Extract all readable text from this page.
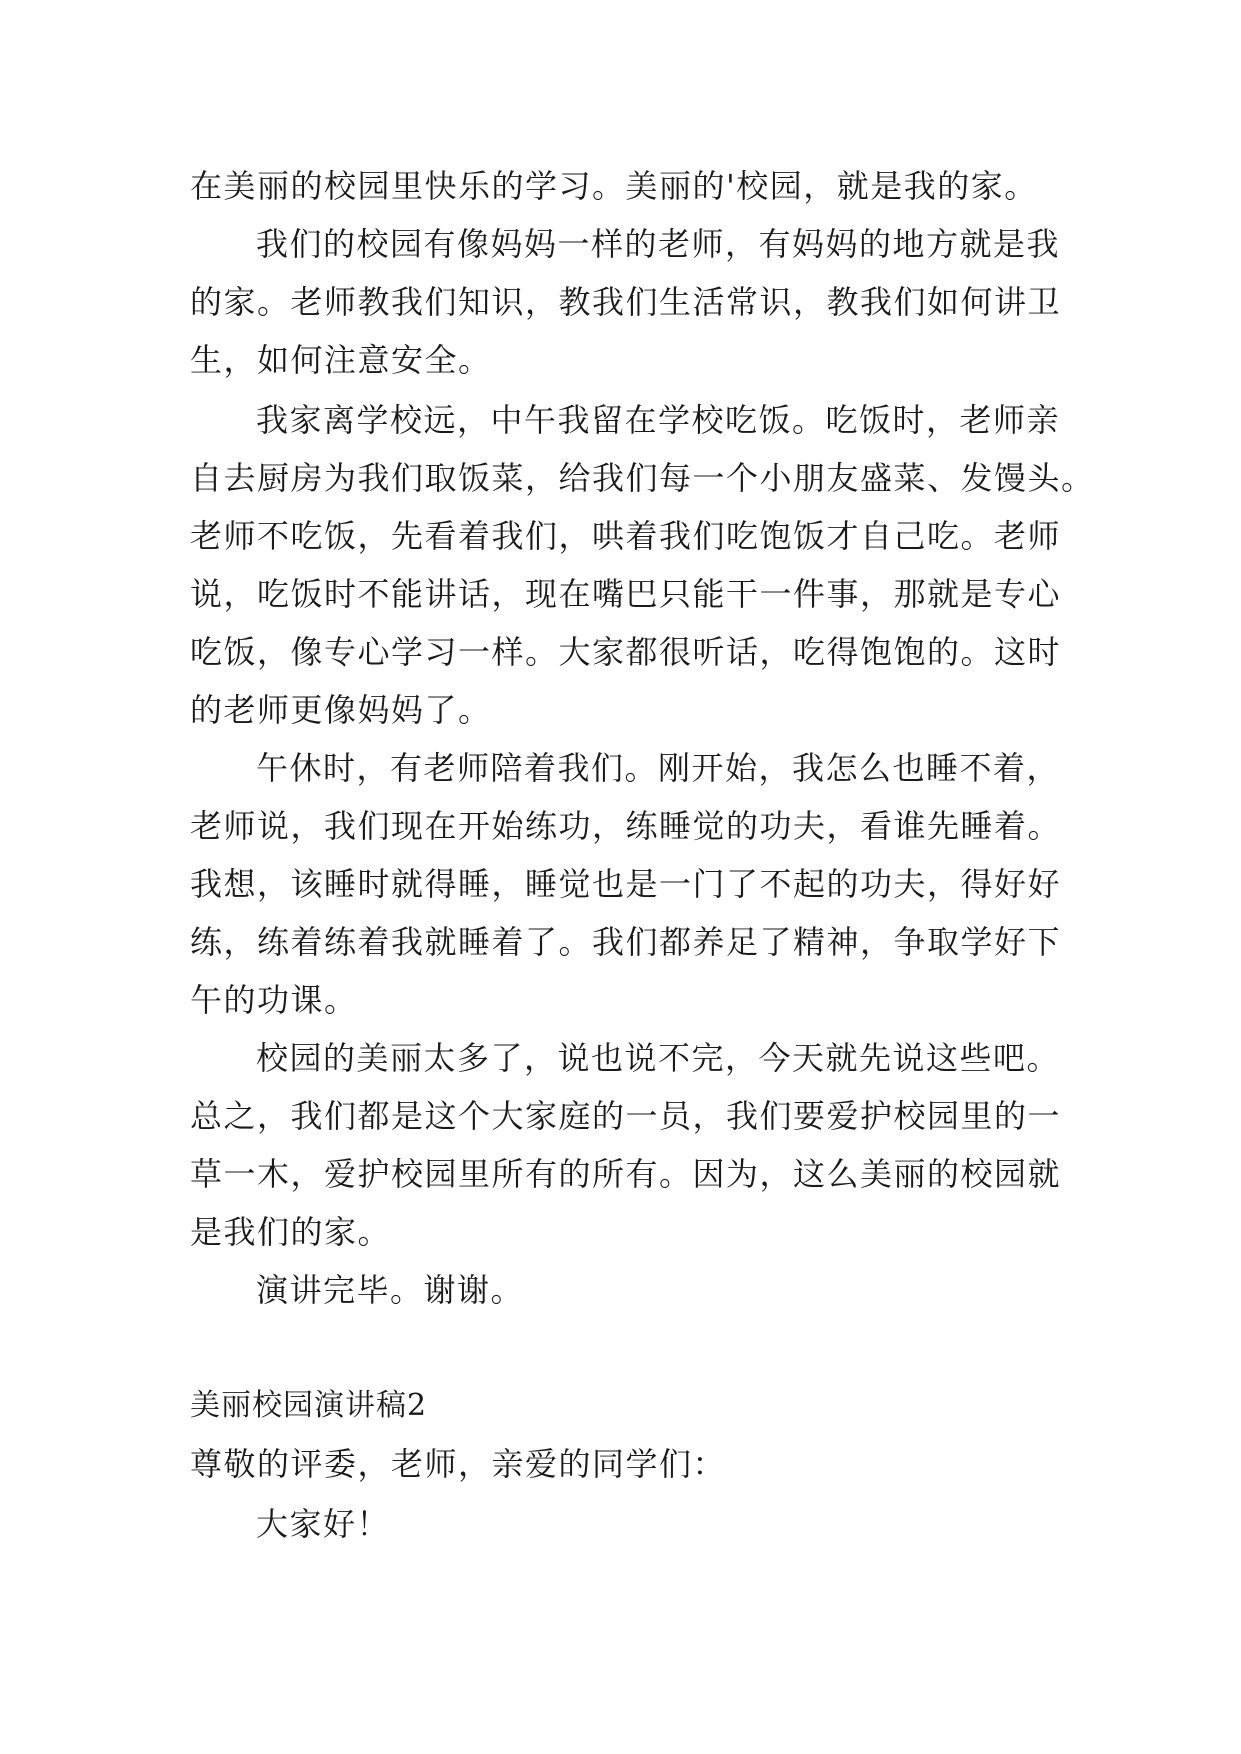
在美丽的校园里快乐的学习。美丽的'校园，就是我的家。
我们的校园有像妈妈一样的老师，有妈妈的地方就是我
的家。老师教我们知识，教我们生活常识，教我们如何讲卫
生，如何注意安全。
我家离学校远，中午我留在学校吃饭。吃饭时，老师亲
自去厨房为我们取饭菜，给我们每一个小朋友盛菜、发馒头。
老师不吃饭，先看着我们，哄着我们吃饱饭才自己吃。老师
说，吃饭时不能讲话，现在嘴巴只能干一件事，那就是专心
吃饭，像专心学习一样。大家都很听话，吃得饱饱的。这时
的老师更像妈妈了。
午休时，有老师陪着我们。刚开始，我怎么也睡不着，
老师说，我们现在开始练功，练睡觉的功夫，看谁先睡着。
我想，该睡时就得睡，睡觉也是一门了不起的功夫，得好好
练，练着练着我就睡着了。我们都养足了精神，争取学好下
午的功课。
校园的美丽太多了，说也说不完，今天就先说这些吧。
总之，我们都是这个大家庭的一员，我们要爱护校园里的一
草一木，爱护校园里所有的所有。因为，这么美丽的校园就
是我们的家。
演讲完毕。谢谢。
美丽校园演讲稿2
尊敬的评委，老师，亲爱的同学们：
大家好！
